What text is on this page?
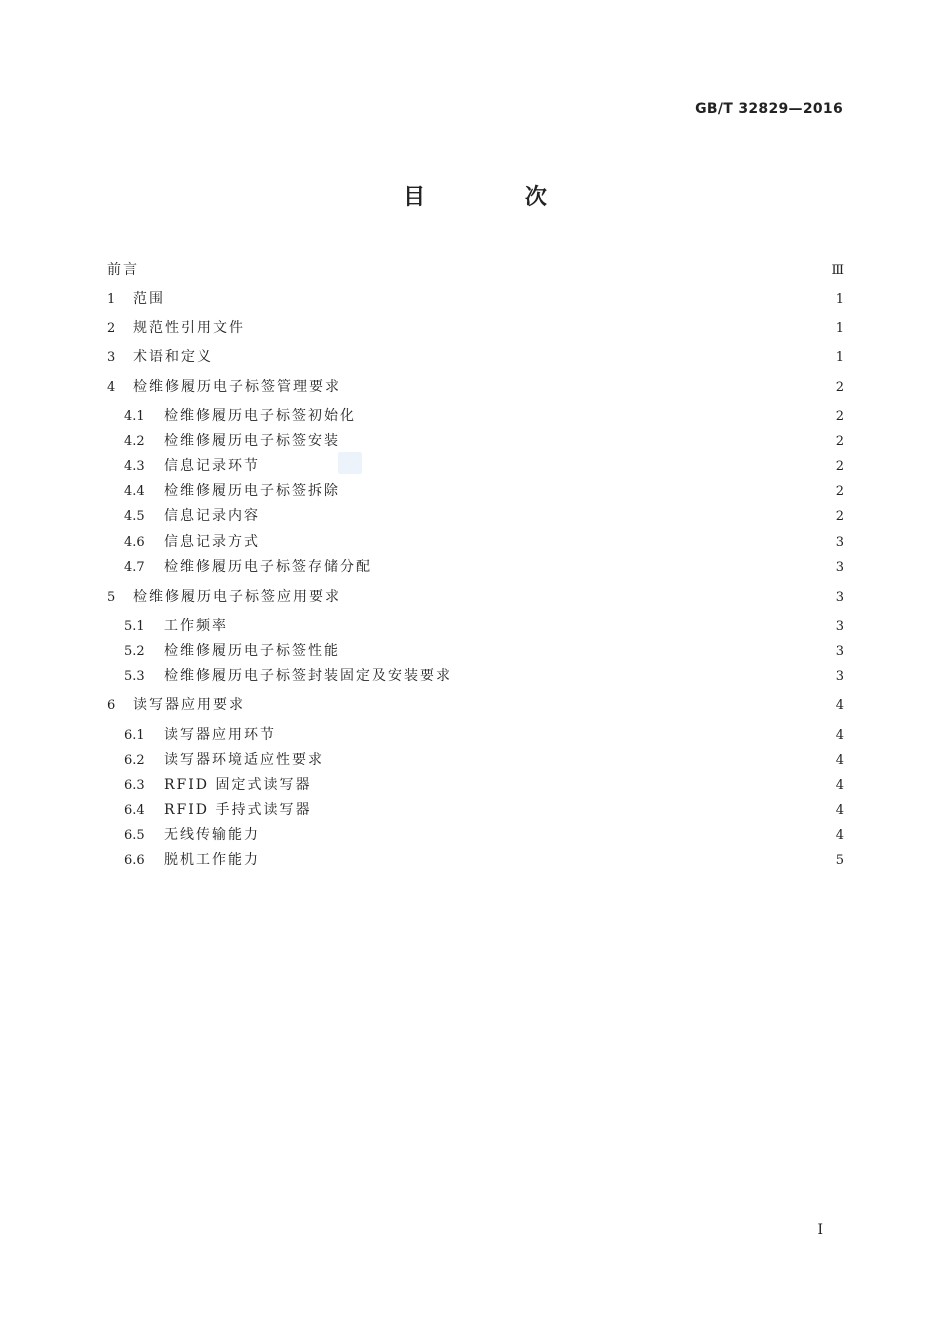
GB/T 32829—2016
目 次
前言	Ⅲ
1	范围	1
2	规范性引用文件	1
3	术语和定义	1
4	检维修履历电子标签管理要求	2
4.1	检维修履历电子标签初始化	2
4.2	检维修履历电子标签安装	2
4.3	信息记录环节	2
4.4	检维修履历电子标签拆除	2
4.5	信息记录内容	2
4.6	信息记录方式	3
4.7	检维修履历电子标签存储分配	3
5	检维修履历电子标签应用要求	3
5.1	工作频率	3
5.2	检维修履历电子标签性能	3
5.3	检维修履历电子标签封装固定及安装要求	3
6	读写器应用要求	4
6.1	读写器应用环节	4
6.2	读写器环境适应性要求	4
6.3	RFID 固定式读写器	4
6.4	RFID 手持式读写器	4
6.5	无线传输能力	4
6.6	脱机工作能力	5
I
